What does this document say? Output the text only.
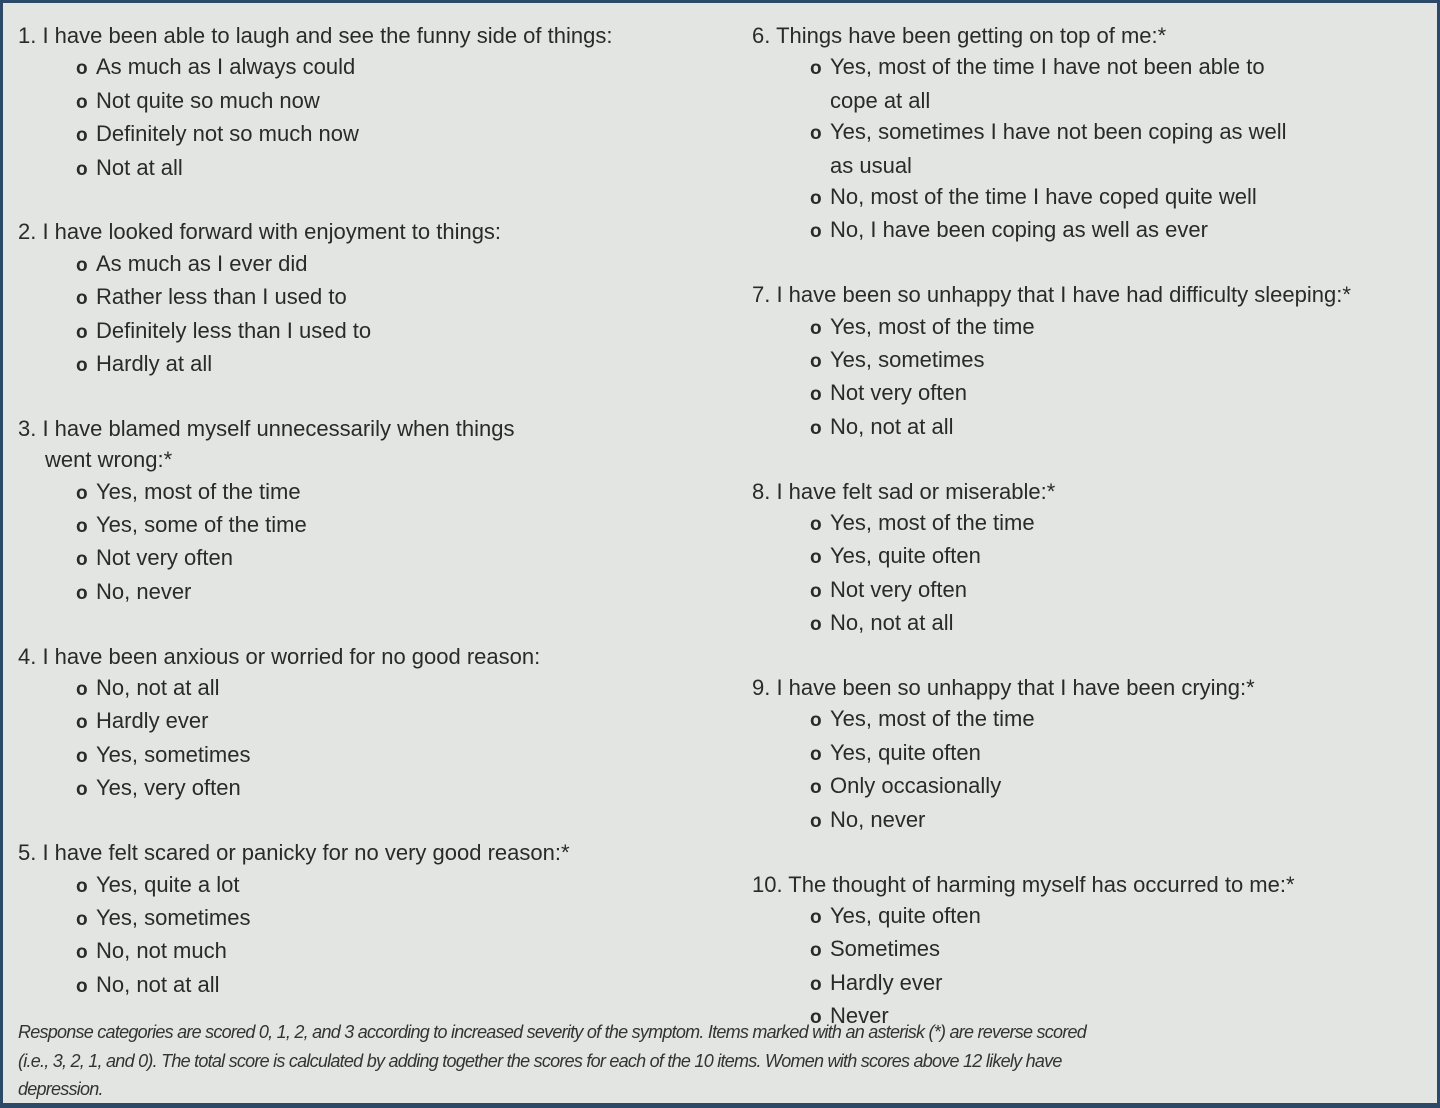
1. I have been able to laugh and see the funny side of things:
o As much as I always could
o Not quite so much now
o Definitely not so much now
o Not at all
2. I have looked forward with enjoyment to things:
o As much as I ever did
o Rather less than I used to
o Definitely less than I used to
o Hardly at all
3. I have blamed myself unnecessarily when things
went wrong:*
o Yes, most of the time
o Yes, some of the time
o Not very often
o No, never
4. I have been anxious or worried for no good reason:
o No, not at all
o Hardly ever
o Yes, sometimes
o Yes, very often
5. I have felt scared or panicky for no very good reason:*
o Yes, quite a lot
o Yes, sometimes
o No, not much
o No, not at all
6. Things have been getting on top of me:*
o Yes, most of the time I have not been able to
cope at all
o Yes, sometimes I have not been coping as well
as usual
o No, most of the time I have coped quite well
o No, I have been coping as well as ever
7. I have been so unhappy that I have had difficulty sleeping:*
o Yes, most of the time
o Yes, sometimes
o Not very often
o No, not at all
8. I have felt sad or miserable:*
o Yes, most of the time
o Yes, quite often
o Not very often
o No, not at all
9. I have been so unhappy that I have been crying:*
o Yes, most of the time
o Yes, quite often
o Only occasionally
o No, never
10. The thought of harming myself has occurred to me:*
o Yes, quite often
o Sometimes
o Hardly ever
o Never
Response categories are scored 0, 1, 2, and 3 according to increased severity of the symptom. Items marked with an asterisk (*) are reverse scored
(i.e., 3, 2, 1, and 0). The total score is calculated by adding together the scores for each of the 10 items. Women with scores above 12 likely have
depression.
